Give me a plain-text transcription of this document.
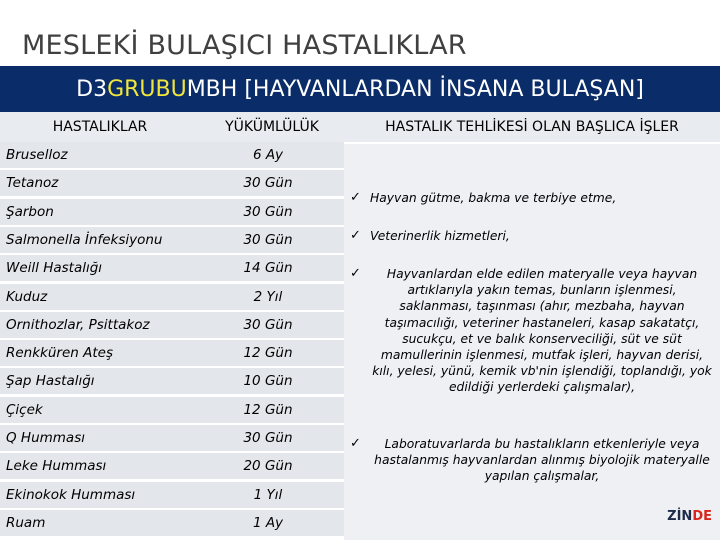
MESLEKİ BULAŞICI HASTALIKLAR
D3 GRUBU MBH [HAYVANLARDAN İNSANA BULAŞAN]
HASTALIKLAR	YÜKÜMLÜLÜK	HASTALIK TEHLİKESİ OLAN BAŞLICA İŞLER
Bruselloz	6 Ay
Tetanoz	30 Gün
Şarbon	30 Gün
Salmonella İnfeksiyonu	30 Gün
Weill Hastalığı	14 Gün
Kuduz	2 Yıl
Ornithozlar, Psittakoz	30 Gün
Renkküren Ateş	12 Gün
Şap Hastalığı	10 Gün
Çiçek	12 Gün
Q Humması	30 Gün
Leke Humması	20 Gün
Ekinokok Humması	1 Yıl
Ruam	1 Ay
✓ Hayvan gütme, bakma ve terbiye etme,
✓ Veterinerlik hizmetleri,
✓	Hayvanlardan elde edilen materyalle veya hayvan artıklarıyla yakın temas, bunların işlenmesi, saklanması, taşınması (ahır, mezbaha, hayvan taşımacılığı, veteriner hastaneleri, kasap sakatatçı, sucukçu, et ve balık konserveciliği, süt ve süt mamullerinin işlenmesi, mutfak işleri, hayvan derisi, kılı, yelesi, yünü, kemik vb'nin işlendiği, toplandığı, yok edildiği yerlerdeki çalışmalar),
✓	Laboratuvarlarda bu hastalıkların etkenleriyle veya hastalanmış hayvanlardan alınmış biyolojik materyalle yapılan çalışmalar,
ZİNDE
